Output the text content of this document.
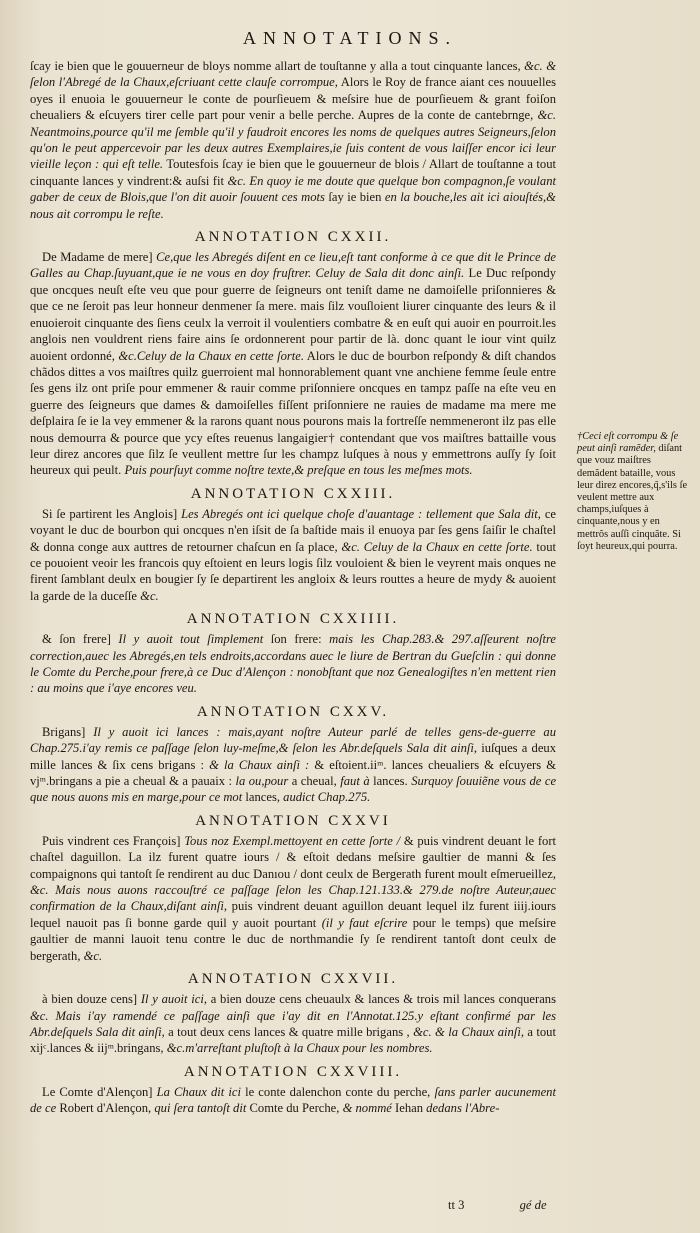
ANNOTATIONS.

ſcay ie bien que le gouuerneur de bloys nomme allart de touſtanne y alla a tout cinquante lances, &c. & ſelon l'Abregé de la Chaux,eſcriuant cette clauſe corrompue, Alors le Roy de france aiant ces nouuelles oyes il enuoia le gouuerneur le conte de pourſieuem & meſsire hue de pourſieuem & grant foiſon cheualiers & eſcuyers tirer celle part pour venir a belle perche. Aupres de la conte de cantebrnge, &c. Neantmoins,pource qu'il me ſemble qu'il y faudroit encores les noms de quelques autres Seigneurs,ſelon qu'on le peut appercevoir par les deux autres Exemplaires,ie ſuis content de vous laiſſer encor ici leur vieille leçon : qui eſt telle. Toutesfois ſcay ie bien que le gouuerneur de blois / Allart de touſtanne a tout cinquante lances y vindrent:& auſsi fit &c. En quoy ie me doute que quelque bon compagnon,ſe voulant gaber de ceux de Blois,que l'on dit auoir ſouuent ces mots ſay ie bien en la bouche,les ait ici aiouſtés,& nous ait corrompu le reſte.

ANNOTATION CXXII.

De Madame de mere] Ce,que les Abregés diſent en ce lieu,eſt tant conforme à ce que dit le Prince de Galles au Chap.ſuyuant,que ie ne vous en doy fruſtrer. Celuy de Sala dit donc ainſi. Le Duc reſpondy que oncques neuſt eſte veu que pour guerre de ſeigneurs ont teniſt dame ne damoiſelle priſonnieres & que ce ne ſeroit pas leur honneur denmener ſa mere. mais ſilz vouſloient liurer cinquante des leurs & il enuoieroit cinquante des ſiens ceulx la verroit il voulentiers combatre & en euſt qui auoir en pourroit.les anglois nen vouldrent riens faire ains ſe ordonnerent pour partir de là. donc quant le iour vint quilz auoient ordonné, &c.Celuy de la Chaux en cette ſorte. Alors le duc de bourbon reſpondy & diſt chandos chãdos dittes a vos maiſtres quilz guerroient mal honnorablement quant vne anchiene femme ſeule entre ſes gens ilz ont priſe pour emmener & rauir comme priſonniere oncques en tampz paſſe na eſte veu en guerre des ſeigneurs que dames & damoiſelles fiſſent priſonniere ne rauies de madame ma mere me deſplaira ſe ie la vey emmener & la rarons quant nous pourons mais la fortreſſe nemmeneront ilz pas elle nous demourra & pource que ycy eſtes reuenus langaigier† contendant que vos maiſtres battaille vous leur direz ancores que ſilz ſe veullent mettre ſur les champz luſques à nous y emmettrons auſſy ſy ſoit heureux qui peult. Puis pourſuyt comme noſtre texte,& preſque en tous les meſmes mots.

ANNOTATION CXXIII.

Si ſe partirent les Anglois] Les Abregés ont ici quelque choſe d'auantage : tellement que Sala dit, ce voyant le duc de bourbon qui oncques n'en iſsit de ſa baſtide mais il enuoya par ſes gens ſaiſir le chaſtel & donna conge aux auttres de retourner chaſcun en ſa place, &c. Celuy de la Chaux en cette ſorte. tout ce pouoient veoir les francois quy eſtoient en leurs logis ſilz vouloient & bien le veyrent mais onques ne firent ſamblant deulx en bougier ſy ſe departirent les angloix & leurs routtes a heure de mydy & auoient la garde de la duceſſe &c.

ANNOTATION CXXIIII.

& ſon frere] Il y auoit tout ſimplement ſon frere: mais les Chap.283.& 297.aſſeurent noſtre correction,auec les Abregés,en tels endroits,accordans auec le liure de Bertran du Gueſclin : qui donne le Comte du Perche,pour frere,à ce Duc d'Alençon : nonobſtant que noz Genealogiſtes n'en mettent rien : au moins que i'aye encores veu.

ANNOTATION CXXV.

Brigans] Il y auoit ici lances : mais,ayant noſtre Auteur parlé de telles gens-de-guerre au Chap.275.i'ay remis ce paſſage ſelon luy-meſme,& ſelon les Abr.deſquels Sala dit ainſi, iuſques a deux mille lances & ſix cens brigans : & la Chaux ainſi : & eſtoient.iiᵐ. lances cheualiers & eſcuyers & vjᵐ.bringans a pie a cheual & a pauaix : la ou,pour a cheual, faut à lances. Surquoy ſouuiẽne vous de ce que nous auons mis en marge,pour ce mot lances, audict Chap.275.

ANNOTATION CXXVI

Puis vindrent ces François] Tous noz Exempl.mettoyent en cette ſorte / & puis vindrent deuant le fort chaſtel daguillon. La ilz furent quatre iours / & eſtoit dedans meſsire gaultier de manni & ſes compaignons qui tantoſt ſe rendirent au duc Danıou / dont ceulx de Bergerath furent moult eſmerueillez, &c. Mais nous auons raccouſtré ce paſſage ſelon les Chap.121.133.& 279.de noſtre Auteur,auec confirmation de la Chaux,diſant ainſi, puis vindrent deuant aguillon deuant lequel ilz furent iiij.iours lequel nauoit pas ſi bonne garde quil y auoit pourtant (il y faut eſcrire pour le temps) que meſsire gaultier de manni lauoit tenu contre le duc de northmandie ſy ſe rendirent tantoſt dont ceulx de bergerath, &c.

ANNOTATION CXXVII.

à bien douze cens] Il y auoit ici, a bien douze cens cheuaulx & lances & trois mil lances conquerans &c. Mais i'ay ramendé ce paſſage ainſi que i'ay dit en l'Annotat.125.y eſtant confirmé par les Abr.deſquels Sala dit ainſi, a tout deux cens lances & quatre mille brigans , &c. & la Chaux ainſi, a tout xijᶜ.lances & iijᵐ.bringans, &c.m'arreſtant pluſtoſt à la Chaux pour les nombres.

ANNOTATION CXXVIII.

Le Comte d'Alençon] La Chaux dit ici le conte dalenchon conte du perche, ſans parler aucunement de ce Robert d'Alençon, qui ſera tantoſt dit Comte du Perche, & nommé Iehan dedans l'Abre-

†Ceci eſt corrompu & ſe peut ainſi ramẽder, diſant que vouz maiſtres demãdent bataille, vous leur direz encores,q̃,s'ils ſe veulent mettre aux champs,iuſques à cinquante,nous y en mettrõs auſſi cinquãte. Si ſoyt heureux,qui pourra.
tt 3	gé de
